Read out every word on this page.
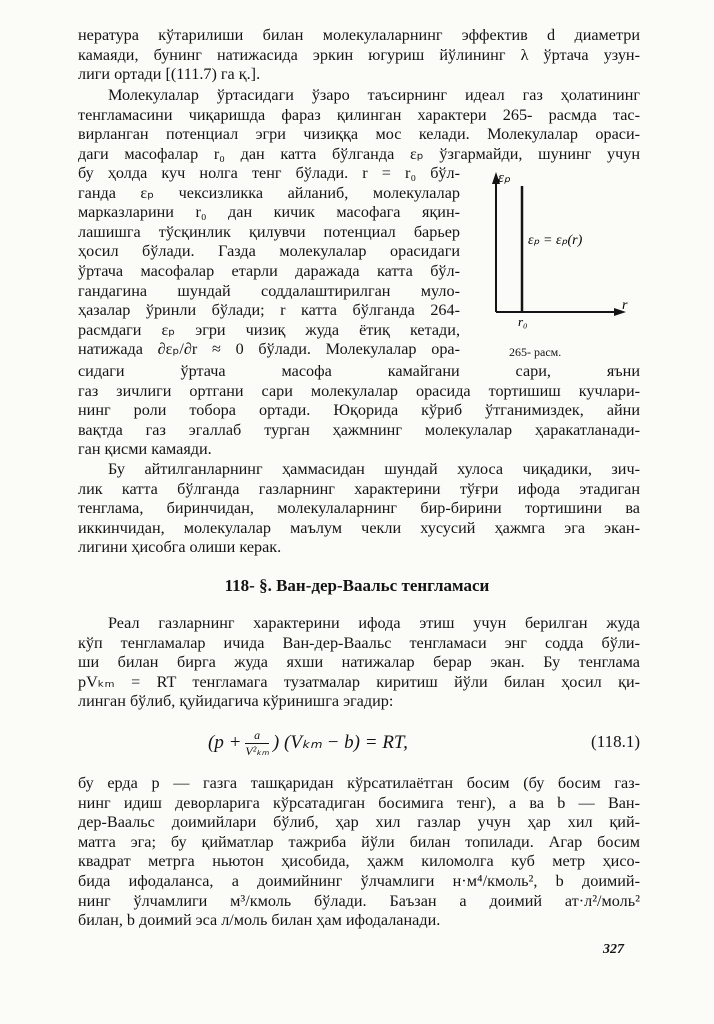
нература кўтарилиши билан молекулаларнинг эффектив d диаметри
камаяди, бунинг натижасида эркин югуриш йўлининг λ ўртача узун-
лиги ортади [(111.7) га қ.].
Молекулалар ўртасидаги ўзаро таъсирнинг идеал газ ҳолатининг
тенгламасини чиқаришда фараз қилинган характери 265- расмда тас-
вирланган потенциал эгри чизиққа мос келади. Молекулалар ораси-
даги масофалар r₀ дан катта бўлганда εₚ ўзгармайди, шунинг учун
бу ҳолда куч нолга тенг бўлади. r = r₀ бўл-
ганда εₚ чексизликка айланиб, молекулалар
марказларини r₀ дан кичик масофага яқин-
лашишга тўсқинлик қилувчи потенциал барьер
ҳосил бўлади. Газда молекулалар орасидаги
ўртача масофалар етарли даражада катта бўл-
гандагина шундай соддалаштирилган муло-
ҳазалар ўринли бўлади; r катта бўлганда 264-
расмдаги εₚ эгри чизиқ жуда ётиқ кетади,
натижада ∂εₚ/∂r ≈ 0 бўлади. Молекулалар ора-
сидаги ўртача масофа камайгани сари, яъни
газ зичлиги ортгани сари молекулалар орасида тортишиш кучлари-
нинг роли тобора ортади. Юқорида кўриб ўтганимиздек, айни
вақтда газ эгаллаб турган ҳажмнинг молекулалар ҳаракатланади-
ган қисми камаяди.
Бу айтилганларнинг ҳаммасидан шундай хулоса чиқадики, зич-
лик катта бўлганда газларнинг характерини тўғри ифода этадиган
тенглама, биринчидан, молекулаларнинг бир-бирини тортишини ва
иккинчидан, молекулалар маълум чекли хусусий ҳажмга эга экан-
лигини ҳисобга олиши керак.
118- §. Ван-дер-Ваальс тенгламаси
Реал газларнинг характерини ифода этиш учун берилган жуда
кўп тенгламалар ичида Ван-дер-Ваальс тенгламаси энг содда бўли-
ши билан бирга жуда яхши натижалар берар экан. Бу тенглама
pVₖₘ = RT тенгламага тузатмалар киритиш йўли билан ҳосил қи-
линган бўлиб, қуйидагича кўринишга эгадир:
($p + \frac{a}{\text{V²ₖₘ}}$ ) (Vₖₘ − b) = RT,	(118.1)
бу ерда p — газга ташқаридан кўрсатилаётган босим (бу босим газ-
нинг идиш деворларига кўрсатадиган босимига тенг), a ва b — Ван-
дер-Ваальс доимийлари бўлиб, ҳар хил газлар учун ҳар хил қий-
матга эга; бу қийматлар тажриба йўли билан топилади. Агар босим
квадрат метрга ньютон ҳисобида, ҳажм киломолга куб метр ҳисо-
бида ифодаланса, a доимийнинг ўлчамлиги н·м⁴/кмоль², b доимий-
нинг ўлчамлиги м³/кмоль бўлади. Баъзан a доимий ат·л²/моль²
билан, b доимий эса л/моль билан ҳам ифодаланади.
εₚ
εₚ = εₚ(r)
r₀
r
265- расм.
327
